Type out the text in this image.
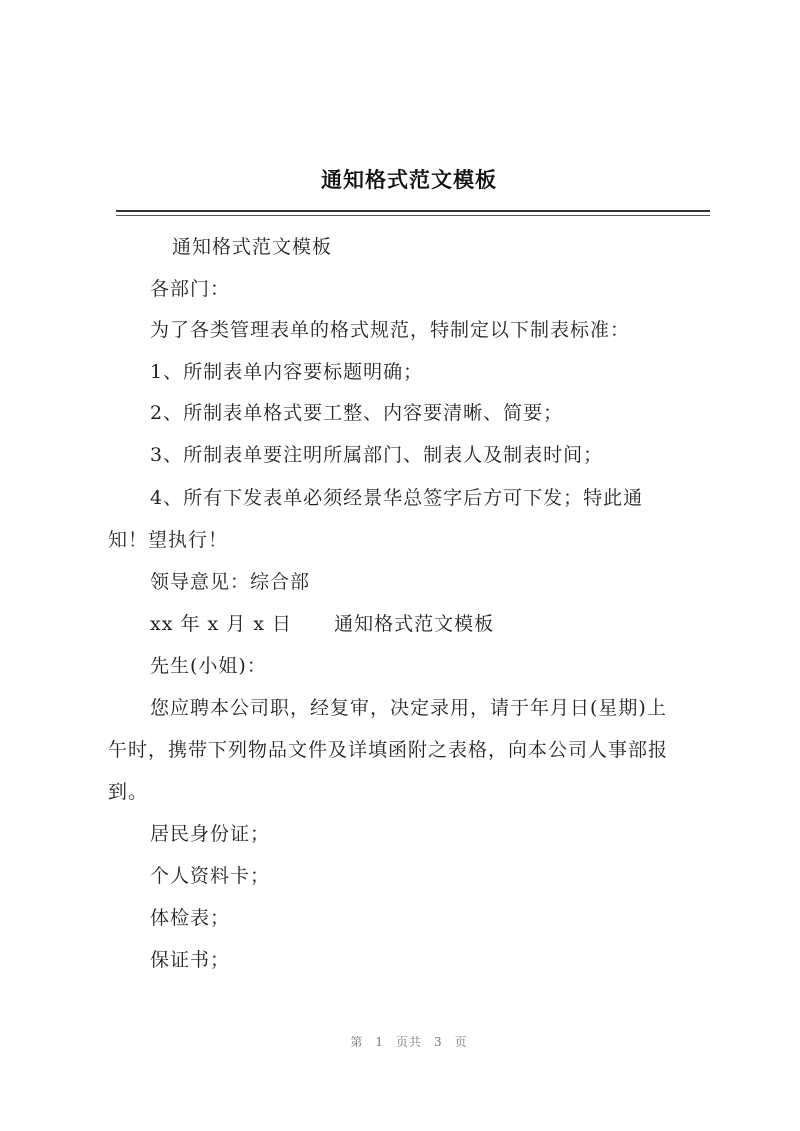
通知格式范文模板
通知格式范文模板
各部门：
为了各类管理表单的格式规范，特制定以下制表标准：
1、所制表单内容要标题明确；
2、所制表单格式要工整、内容要清晰、简要；
3、所制表单要注明所属部门、制表人及制表时间；
4、所有下发表单必须经景华总签字后方可下发；特此通
知！望执行！
领导意见：综合部
xx 年 x 月 x 日 通知格式范文模板
先生(小姐)：
您应聘本公司职，经复审，决定录用，请于年月日(星期)上
午时，携带下列物品文件及详填函附之表格，向本公司人事部报
到。
居民身份证；
个人资料卡；
体检表；
保证书；
第 1 页共 3 页
